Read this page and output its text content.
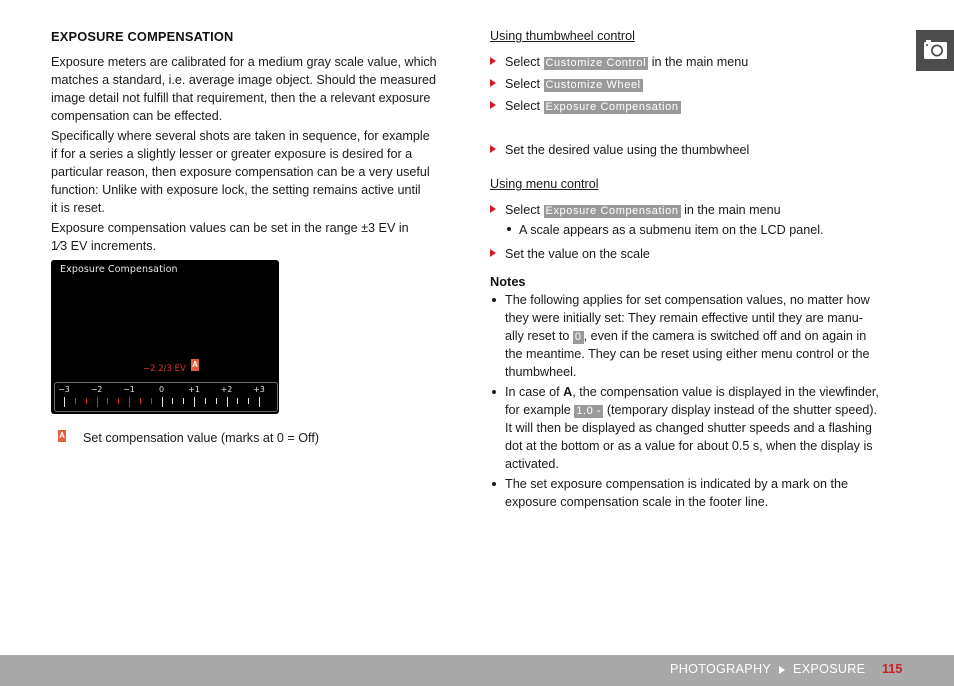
EXPOSURE COMPENSATION
Exposure meters are calibrated for a medium gray scale value, which
matches a standard, i.e. average image object. Should the measured
image detail not fulfill that requirement, then the a relevant exposure
compensation can be effected.
Specifically where several shots are taken in sequence, for example
if for a series a slightly lesser or greater exposure is desired for a
particular reason, then exposure compensation can be a very useful
function: Unlike with exposure lock, the setting remains active until
it is reset.
Exposure compensation values can be set in the range ±3 EV in
1⁄3 EV increments.
Exposure Compensation
−2 2/3 EV A
−3	−2	−1	0	+1	+2	+3
A Set compensation value (marks at 0 = Off)
Using thumbwheel control
Select Customize Control in the main menu
Select Customize Wheel
Select Exposure Compensation
Set the desired value using the thumbwheel
Using menu control
Select Exposure Compensation in the main menu
A scale appears as a submenu item on the LCD panel.
Set the value on the scale
Notes
The following applies for set compensation values, no matter how
they were initially set: They remain effective until they are manu-
ally reset to 0 , even if the camera is switched off and on again in
the meantime. They can be reset using either menu control or the
thumbwheel.
In case of A, the compensation value is displayed in the viewfinder,
for example 1.0 - (temporary display instead of the shutter speed).
It will then be displayed as changed shutter speeds and a flashing
dot at the bottom or as a value for about 0.5 s, when the display is
activated.
The set exposure compensation is indicated by a mark on the
exposure compensation scale in the footer line.
PHOTOGRAPHY EXPOSURE 115
